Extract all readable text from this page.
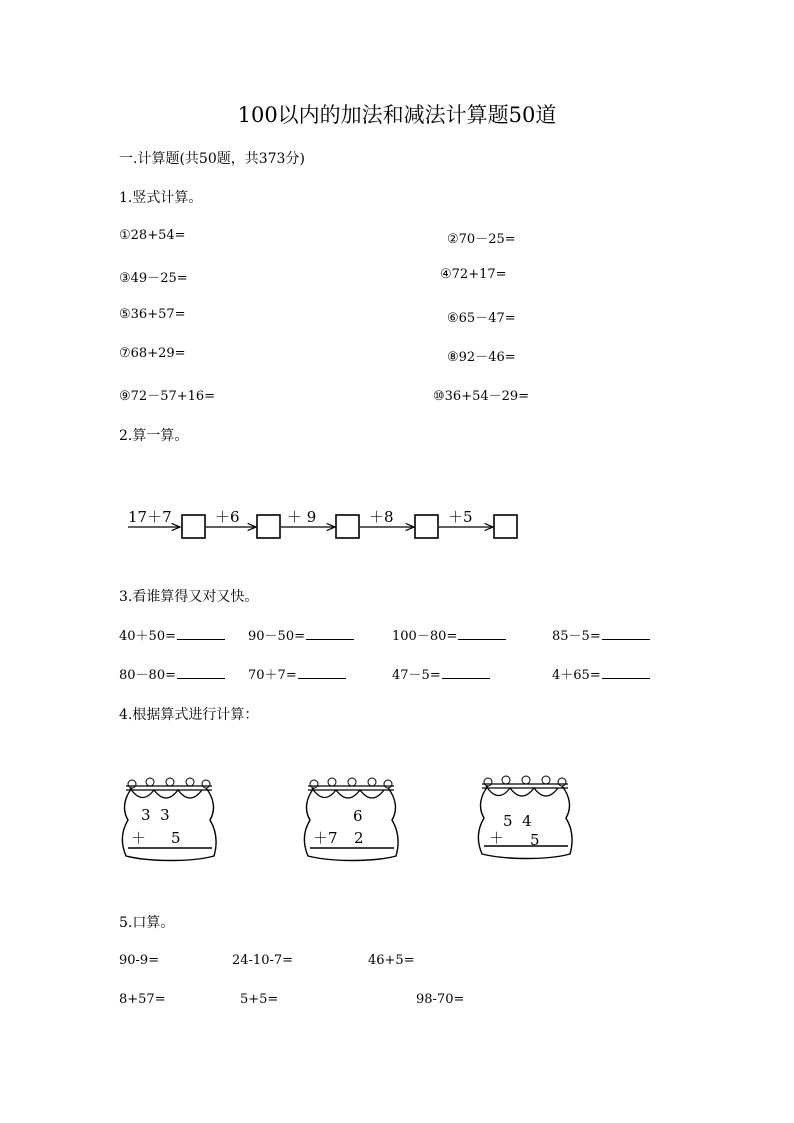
100以内的加法和减法计算题50道
一.计算题(共50题，共373分)
1.竖式计算。
①28+54=	②70－25=
③49－25=	④72+17=
⑤36+57=	⑥65－47=
⑦68+29=	⑧92－46=
⑨72－57+16=	⑩36+54－29=
2.算一算。
17＋7	＋6	＋ 9	＋8	＋5
3  3
＋ 5
6
＋7 2
5  4
＋ 5
3.看谁算得又对又快。
40＋50=	90－50=	100－80=	85－5=
80－80=	70＋7=	47－5=	4＋65=
4.根据算式进行计算：
5.口算。
90-9=	24-10-7=	46+5=
8+57=	5+5=	98-70=
